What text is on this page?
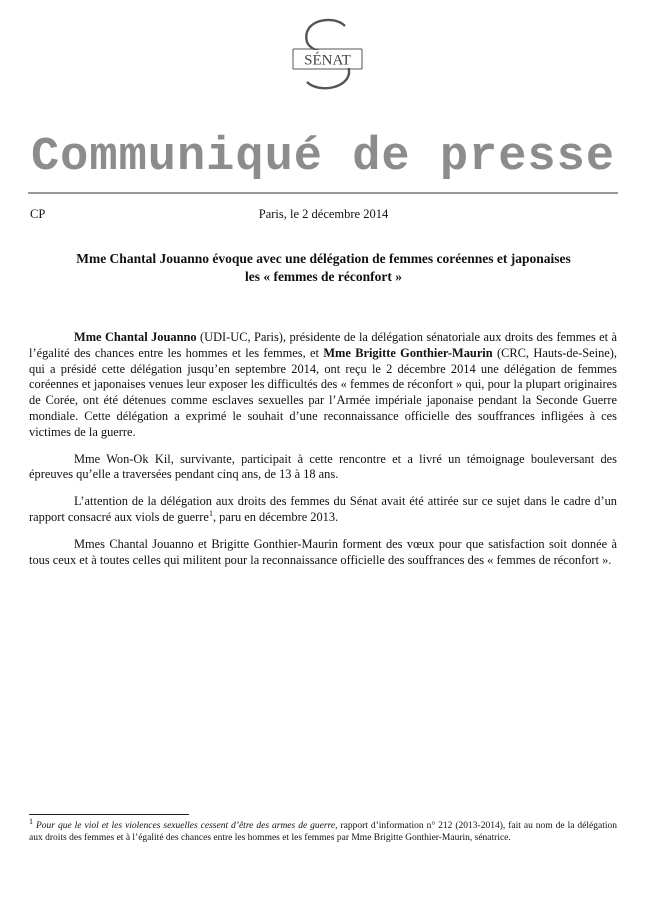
SÉNAT
Communiqué de presse
CP	Paris, le 2 décembre 2014
Mme Chantal Jouanno évoque avec une délégation de femmes coréennes et japonaises
les « femmes de réconfort »

Mme Chantal Jouanno (UDI-UC, Paris), présidente de la délégation sénatoriale aux droits des femmes et à l’égalité des chances entre les hommes et les femmes, et Mme Brigitte Gonthier-Maurin (CRC, Hauts-de-Seine), qui a présidé cette délégation jusqu’en septembre 2014, ont reçu le 2 décembre 2014 une délégation de femmes coréennes et japonaises venues leur exposer les difficultés des « femmes de réconfort » qui, pour la plupart originaires de Corée, ont été détenues comme esclaves sexuelles par l’Armée impériale japonaise pendant la Seconde Guerre mondiale. Cette délégation a exprimé le souhait d’une reconnaissance officielle des souffrances infligées à ces victimes de la guerre.

Mme Won-Ok Kil, survivante, participait à cette rencontre et a livré un témoignage bouleversant des épreuves qu’elle a traversées pendant cinq ans, de 13 à 18 ans.

L’attention de la délégation aux droits des femmes du Sénat avait été attirée sur ce sujet dans le cadre d’un rapport consacré aux viols de guerre$^1$, paru en décembre 2013.

Mmes Chantal Jouanno et Brigitte Gonthier-Maurin forment des vœux pour que satisfaction soit donnée à tous ceux et à toutes celles qui militent pour la reconnaissance officielle des souffrances des « femmes de réconfort ».

$^1$ Pour que le viol et les violences sexuelles cessent d’être des armes de guerre, rapport d’information n° 212 (2013-2014), fait au nom de la délégation aux droits des femmes et à l’égalité des chances entre les hommes et les femmes par Mme Brigitte Gonthier-Maurin, sénatrice.
